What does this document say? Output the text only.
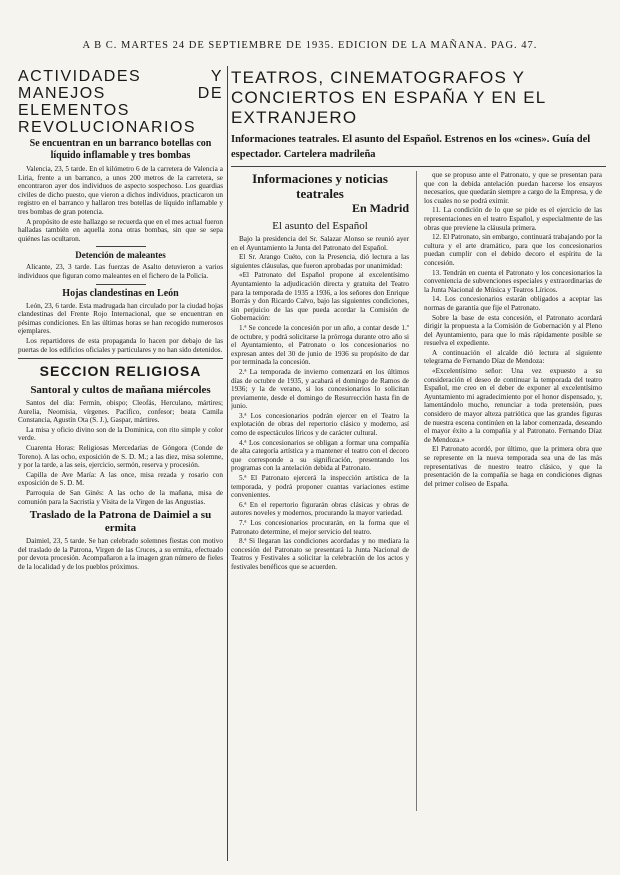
A B C. MARTES 24 DE SEPTIEMBRE DE 1935. EDICION DE LA MAÑANA. PAG. 47.
ACTIVIDADES Y MANEJOS DE ELEMENTOS REVOLUCIONARIOS
Se encuentran en un barranco botellas con líquido inflamable y tres bombas

Valencia, 23, 5 tarde. En el kilómetro 6 de la carretera de Valencia a Liria, frente a un barranco, a unos 200 metros de la carretera, se encontraron ayer dos individuos de aspecto sospechoso. Los guardias civiles de dicho puesto, que vieron a dichos individuos, practicaron un registro en el barranco y hallaron tres botellas de líquido inflamable y tres bombas de gran potencia.

A propósito de este hallazgo se recuerda que en el mes actual fueron halladas también en aquella zona otras bombas, sin que se sepa quiénes las ocultaron.

Detención de maleantes

Alicante, 23, 3 tarde. Las fuerzas de Asalto detuvieron a varios individuos que figuran como maleantes en el fichero de la Policía.

Hojas clandestinas en León

León, 23, 6 tarde. Esta madrugada han circulado por la ciudad hojas clandestinas del Frente Rojo Internacional, que se encuentran en pésimas condiciones. En las últimas horas se han recogido numerosos ejemplares.

Los repartidores de esta propaganda lo hacen por debajo de las puertas de los edificios oficiales y particulares y no han sido detenidos.

SECCION RELIGIOSA
Santoral y cultos de mañana miércoles

Santos del día: Fermín, obispo; Cleofás, Herculano, mártires; Aurelia, Neomisia, vírgenes. Pacífico, confesor; beata Camila Constancia, Agustín Ota (S. J.), Gaspar, mártires.

La misa y oficio divino son de la Dominica, con rito simple y color verde.

Cuarenta Horas: Religiosas Mercedarias de Góngora (Conde de Toreno). A las ocho, exposición de S. D. M.; a las diez, misa solemne, y por la tarde, a las seis, ejercicio, sermón, reserva y procesión.

Capilla de Ave María: A las once, misa rezada y rosario con exposición de S. D. M.

Parroquia de San Ginés: A las ocho de la mañana, misa de comunión para la Sacristía y Visita de la Virgen de las Angustias.

Traslado de la Patrona de Daimiel a su ermita

Daimiel, 23, 5 tarde. Se han celebrado solemnes fiestas con motivo del traslado de la Patrona, Virgen de las Cruces, a su ermita, efectuado por devota procesión. Acompañaron a la imagen gran número de fieles de la localidad y de los pueblos próximos.

TEATROS, CINEMATOGRAFOS Y CONCIERTOS EN ESPAÑA Y EN EL EXTRANJERO
Informaciones teatrales. El asunto del Español. Estrenos en los «cines». Guía del espectador. Cartelera madrileña
Informaciones y noticias teatrales
En Madrid
El asunto del Español

Bajo la presidencia del Sr. Salazar Alonso se reunió ayer en el Ayuntamiento la Junta del Patronato del Español.

El Sr. Arango Cuéto, con la Presencia, dió lectura a las siguientes cláusulas, que fueron aprobadas por unanimidad:

«El Patronato del Español propone al excelentísimo Ayuntamiento la adjudicación directa y gratuita del Teatro para la temporada de 1935 a 1936, a los señores don Enrique Borrás y don Ricardo Calvo, bajo las siguientes condiciones, sin perjuicio de las que pueda acordar la Comisión de Gobernación:

1.ª Se concede la concesión por un año, a contar desde 1.º de octubre, y podrá solicitarse la prórroga durante otro año si el Ayuntamiento, el Patronato o los concesionarios no expresan antes del 30 de junio de 1936 su propósito de dar por terminada la concesión.

2.ª La temporada de invierno comenzará en los últimos días de octubre de 1935, y acabará el domingo de Ramos de 1936; y la de verano, si los concesionarios lo solicitan previamente, desde el domingo de Resurrección hasta fin de junio.

3.ª Los concesionarios podrán ejercer en el Teatro la explotación de obras del repertorio clásico y moderno, así como de espectáculos líricos y de carácter cultural.

4.ª Los concesionarios se obligan a formar una compañía de alta categoría artística y a mantener el teatro con el decoro que corresponde a su significación, presentando los programas con la antelación debida al Patronato.

5.ª El Patronato ejercerá la inspección artística de la temporada, y podrá proponer cuantas variaciones estime convenientes.

6.ª En el repertorio figurarán obras clásicas y obras de autores noveles y modernos, procurando la mayor variedad.

7.ª Los concesionarios procurarán, en la forma que el Patronato determine, el mejor servicio del teatro.

8.ª Si llegaran las condiciones acordadas y no mediara la concesión del Patronato se presentará la Junta Nacional de Teatros y Festivales a solicitar la celebración de los actos y festivales benéficos que se acuerden.

que se propuso ante el Patronato, y que se presentan para que con la debida antelación puedan hacerse los ensayos necesarios, que quedarán siempre a cargo de la Empresa, y de los cuales no se podrá eximir.

11. La condición de lo que se pide es el ejercicio de las representaciones en el teatro Español, y especialmente de las obras que previene la cláusula primera.

12. El Patronato, sin embargo, continuará trabajando por la cultura y el arte dramático, para que los concesionarios puedan cumplir con el debido decoro el espíritu de la concesión.

13. Tendrán en cuenta el Patronato y los concesionarios la conveniencia de subvenciones especiales y extraordinarias de la Junta Nacional de Música y Teatros Líricos.

14. Los concesionarios estarán obligados a aceptar las normas de garantía que fije el Patronato.

Sobre la base de esta concesión, el Patronato acordará dirigir la propuesta a la Comisión de Gobernación y al Pleno del Ayuntamiento, para que lo más rápidamente posible se resuelva el expediente.

A continuación el alcalde dió lectura al siguiente telegrama de Fernando Díaz de Mendoza:

«Excelentísimo señor: Una vez expuesto a su consideración el deseo de continuar la temporada del teatro Español, me creo en el deber de exponer al excelentísimo Ayuntamiento mi agradecimiento por el honor dispensado, y, lamentándolo mucho, renunciar a toda pretensión, pues considero de mayor alteza patriótica que las grandes figuras de nuestra escena continúen en la labor comenzada, deseando el mayor éxito a la compañía y al Patronato. Fernando Díaz de Mendoza.»

El Patronato acordó, por último, que la primera obra que se represente en la nueva temporada sea una de las más representativas de nuestro teatro clásico, y que la presentación de la compañía se haga en condiciones dignas del primer coliseo de España.
